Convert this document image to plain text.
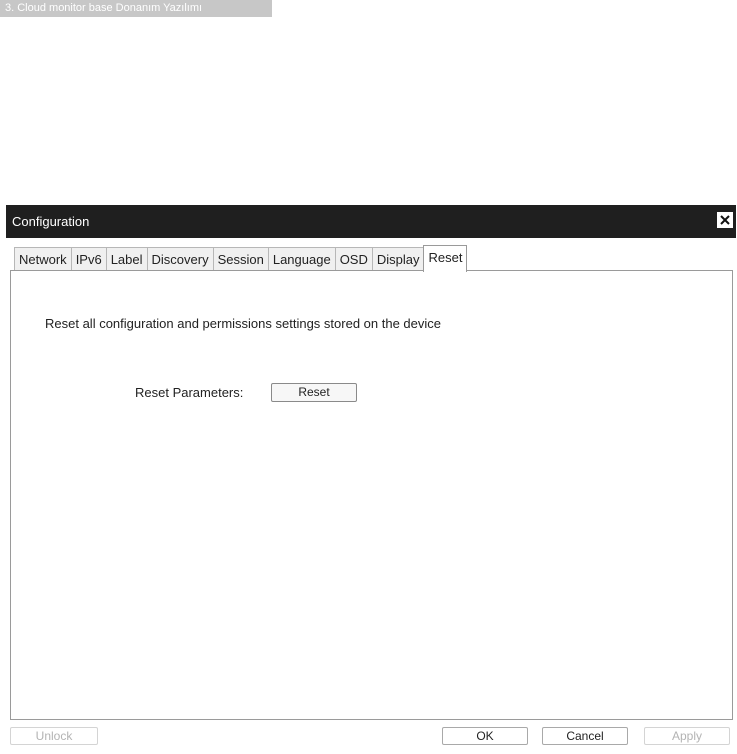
3. Cloud monitor base Donanım Yazılımı
Configuration
Network IPv6 Label Discovery Session Language OSD Display Reset
Reset all configuration and permissions settings stored on the device
Reset Parameters:	Reset
Unlock	OK	Cancel	Apply
